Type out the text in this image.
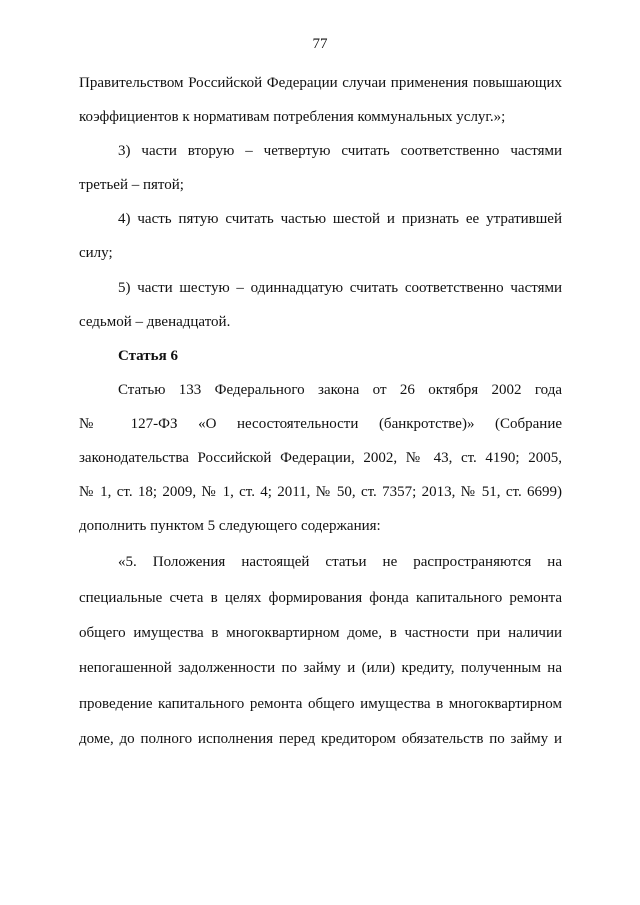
77
Правительством Российской Федерации случаи применения повышающих
коэффициентов к нормативам потребления коммунальных услуг.»;
3) части вторую – четвертую считать соответственно частями
третьей – пятой;
4) часть пятую считать частью шестой и признать ее утратившей
силу;
5) части шестую – одиннадцатую считать соответственно частями
седьмой – двенадцатой.
Статья 6
Статью 133 Федерального закона от 26 октября 2002 года
№ 127-ФЗ «О несостоятельности (банкротстве)» (Собрание
законодательства Российской Федерации, 2002, № 43, ст. 4190; 2005,
№ 1, ст. 18; 2009, № 1, ст. 4; 2011, № 50, ст. 7357; 2013, № 51, ст. 6699)
дополнить пунктом 5 следующего содержания:
«5. Положения настоящей статьи не распространяются на
специальные счета в целях формирования фонда капитального ремонта
общего имущества в многоквартирном доме, в частности при наличии
непогашенной задолженности по займу и (или) кредиту, полученным на
проведение капитального ремонта общего имущества в многоквартирном
доме, до полного исполнения перед кредитором обязательств по займу и
